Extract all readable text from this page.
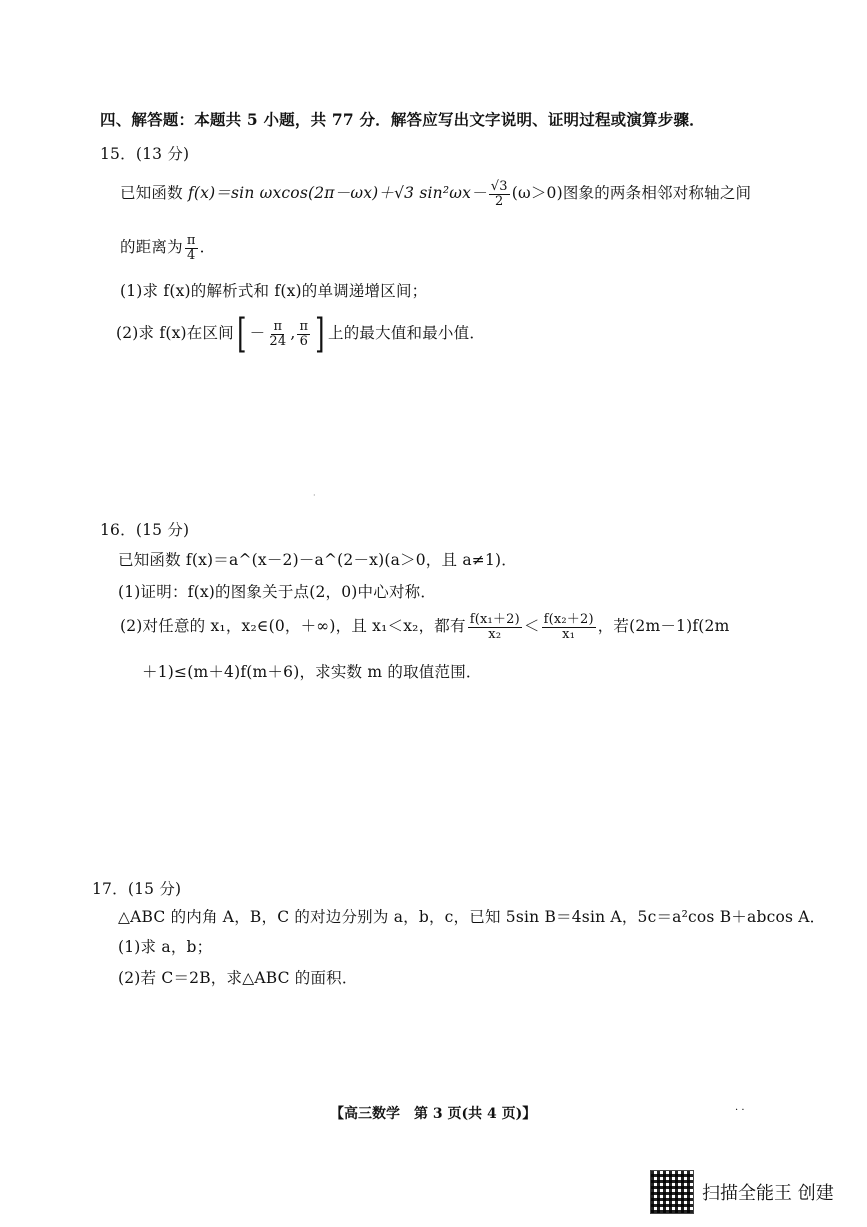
四、解答题：本题共 5 小题，共 77 分．解答应写出文字说明、证明过程或演算步骤．
15．(13 分)
已知函数 f(x)＝sin ωxcos(2π－ωx)＋√3 $\sin^2\omega x- \frac{√3}{2} (\omega>0)$图象的两条相邻对称轴之间
的距离为 $\frac{\pi}{4}$ ．
(1)求 f(x)的解析式和 f(x)的单调递增区间；
(2)求 f(x)在区间[ － $\frac{\pi}{24}$ , $\frac{\pi}{6}$ ] 上的最大值和最小值．
·
16．(15 分)
已知函数 f(x)＝a^(x－2)－a^(2－x)(a＞0，且 a≠1)．
(1)证明：f(x)的图象关于点(2，0)中心对称．
(2)对任意的 x₁，x₂∈(0，＋∞)，且 x₁＜x₂，都有 $\frac{\text{f(x₁＋2)}}{\text{x₂}} < \frac{\text{f(x₂＋2)}}{\text{x₁}}$ ，若(2m－1)f(2m
＋1)≤(m＋4)f(m＋6)，求实数 m 的取值范围．
17．(15 分)
△ABC 的内角 A，B，C 的对边分别为 a，b，c，已知 5sin B＝4sin A，5c＝a²cos B＋abcos A．
(1)求 a，b；
(2)若 C＝2B，求△ABC 的面积．
【高三数学　第 3 页(共 4 页)】	· ·
扫描全能王 创建
